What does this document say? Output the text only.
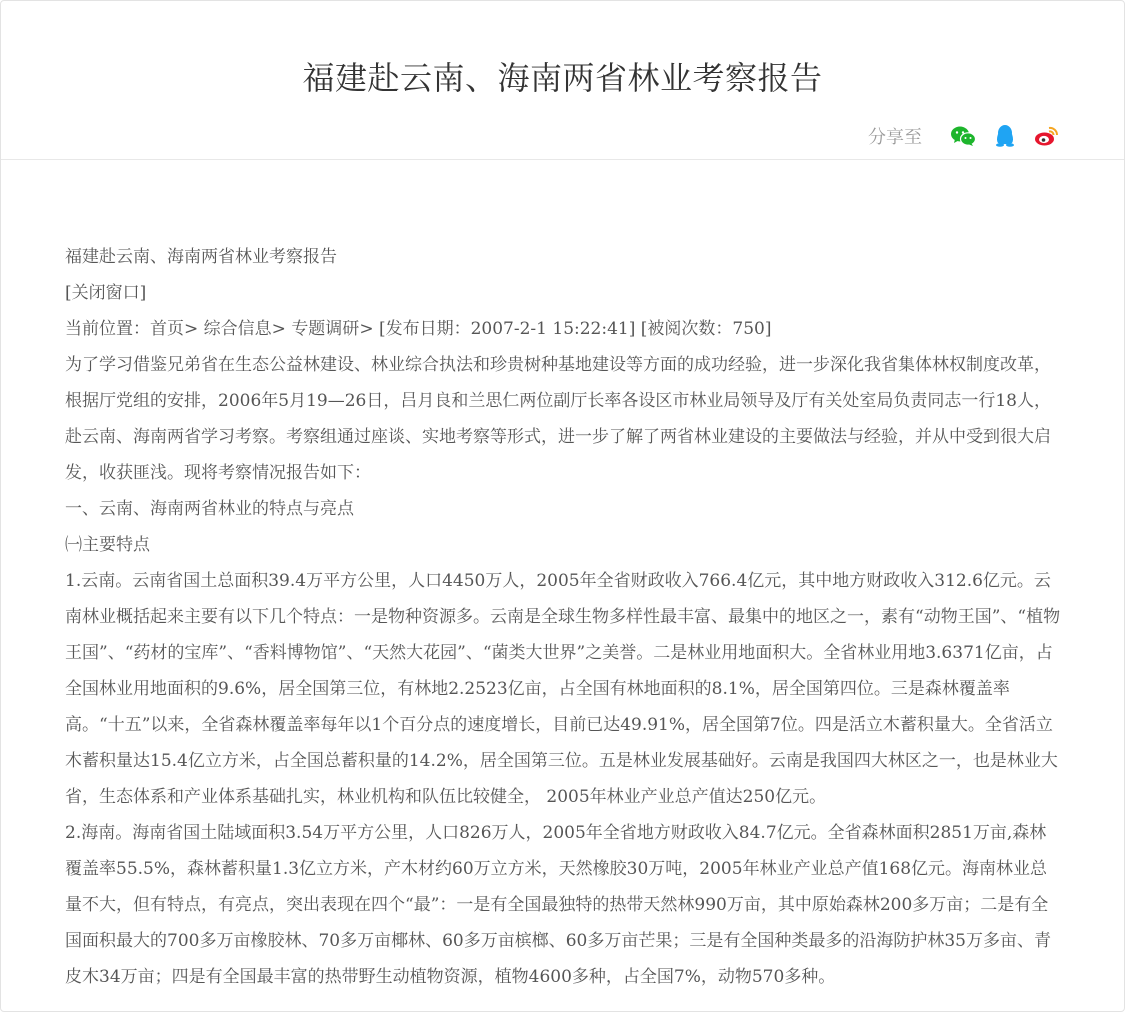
福建赴云南、海南两省林业考察报告
分享至

福建赴云南、海南两省林业考察报告

[关闭窗口]

当前位置：首页> 综合信息> 专题调研> [发布日期：2007-2-1 15:22:41] [被阅次数：750]

为了学习借鉴兄弟省在生态公益林建设、林业综合执法和珍贵树种基地建设等方面的成功经验，进一步深化我省集体林权制度改革，根据厅党组的安排，2006年5月19—26日，吕月良和兰思仁两位副厅长率各设区市林业局领导及厅有关处室局负责同志一行18人，赴云南、海南两省学习考察。考察组通过座谈、实地考察等形式，进一步了解了两省林业建设的主要做法与经验，并从中受到很大启发，收获匪浅。现将考察情况报告如下：

一、云南、海南两省林业的特点与亮点

㈠主要特点

1.云南。云南省国土总面积39.4万平方公里，人口4450万人，2005年全省财政收入766.4亿元，其中地方财政收入312.6亿元。云南林业概括起来主要有以下几个特点：一是物种资源多。云南是全球生物多样性最丰富、最集中的地区之一，素有“动物王国”、“植物王国”、“药材的宝库”、“香料博物馆”、“天然大花园”、“菌类大世界”之美誉。二是林业用地面积大。全省林业用地3.6371亿亩，占全国林业用地面积的9.6%，居全国第三位，有林地2.2523亿亩，占全国有林地面积的8.1%，居全国第四位。三是森林覆盖率高。“十五”以来，全省森林覆盖率每年以1个百分点的速度增长，目前已达49.91%，居全国第7位。四是活立木蓄积量大。全省活立木蓄积量达15.4亿立方米，占全国总蓄积量的14.2%，居全国第三位。五是林业发展基础好。云南是我国四大林区之一，也是林业大省，生态体系和产业体系基础扎实，林业机构和队伍比较健全， 2005年林业产业总产值达250亿元。

2.海南。海南省国土陆域面积3.54万平方公里，人口826万人，2005年全省地方财政收入84.7亿元。全省森林面积2851万亩,森林覆盖率55.5%，森林蓄积量1.3亿立方米，产木材约60万立方米，天然橡胶30万吨，2005年林业产业总产值168亿元。海南林业总量不大，但有特点，有亮点，突出表现在四个“最”：一是有全国最独特的热带天然林990万亩，其中原始森林200多万亩；二是有全国面积最大的700多万亩橡胶林、70多万亩椰林、60多万亩槟榔、60多万亩芒果；三是有全国种类最多的沿海防护林35万多亩、青皮木34万亩；四是有全国最丰富的热带野生动植物资源，植物4600多种，占全国7%，动物570多种。
